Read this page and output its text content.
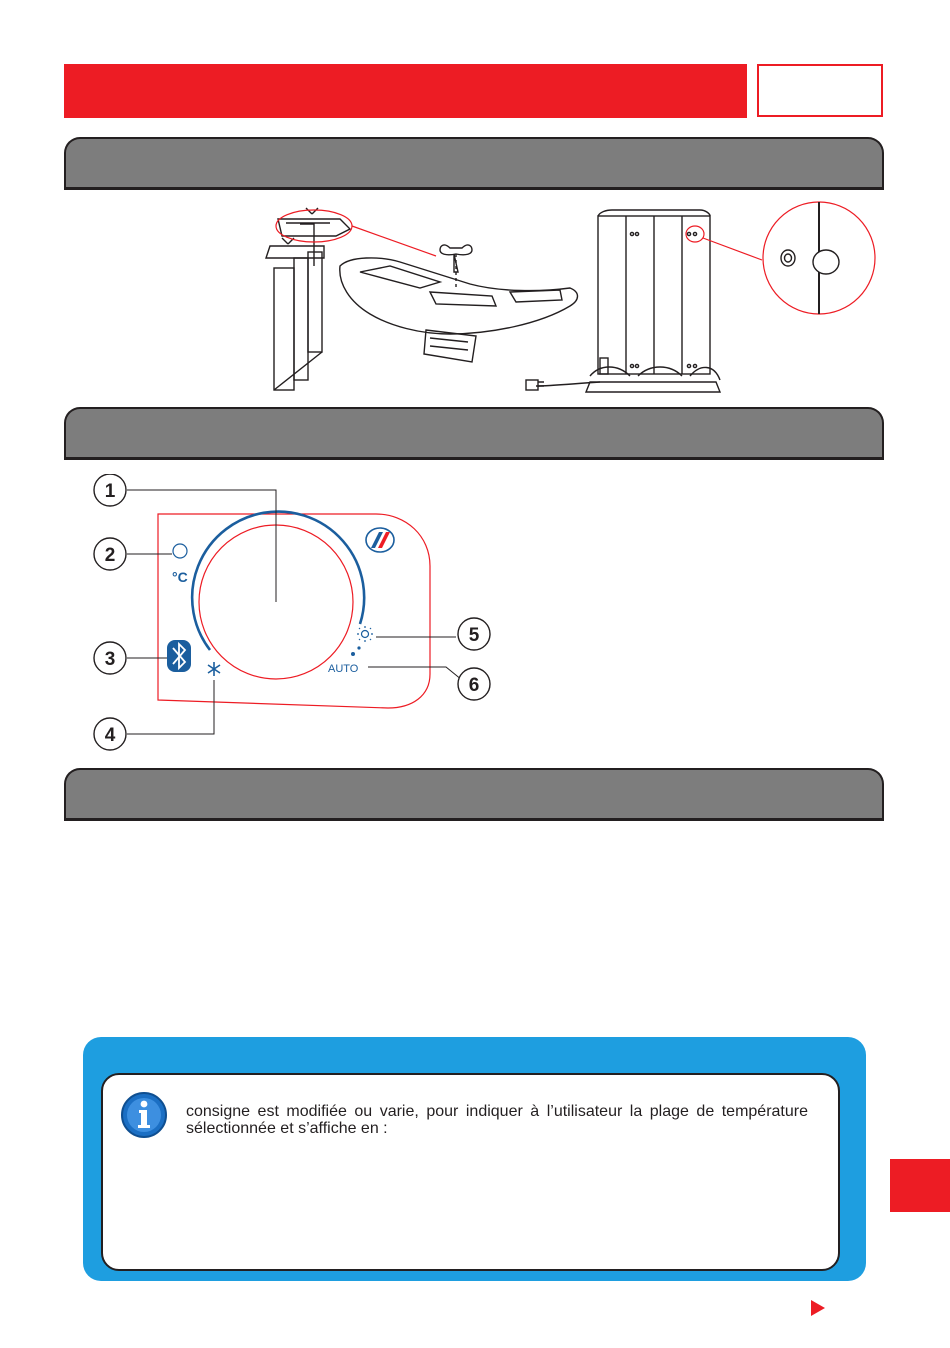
1
2
3
4
5
6
°C
AUTO
consigne est modifiée ou varie, pour indiquer à l’utilisateur la plage de température sélectionnée et s’affiche en :
